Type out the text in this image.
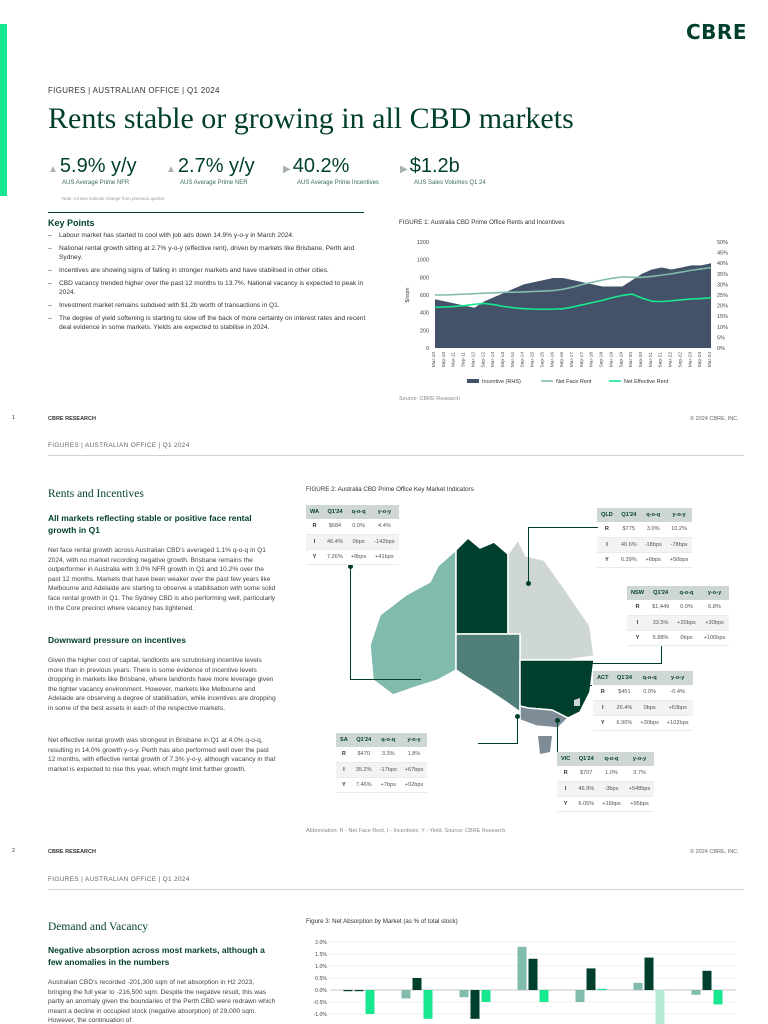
CBRE
FIGURES | AUSTRALIAN OFFICE | Q1 2024
Rents stable or growing in all CBD markets
▲ 5.9% y/y
AUS Average Prime NFR
▲ 2.7% y/y
AUS Average Prime NER
▶ 40.2%
AUS Average Prime Incentives
▶ $1.2b
AUS Sales Volumes Q1 24
Note: Arrows indicate change from previous quarter.
Key Points
– Labour market has started to cool with job ads down 14.9% y-o-y in March 2024.
– National rental growth sitting at 2.7% y-o-y (effective rent), driven by markets like Brisbane, Perth and Sydney.
– Incentives are showing signs of falling in stronger markets and have stabilised in other cities.
– CBD vacancy trended higher over the past 12 months to 13.7%. National vacancy is expected to peak in 2024.
– Investment market remains subdued with $1.2b worth of transactions in Q1.
– The degree of yield softening is starting to slow off the back of more certainty on interest rates and recent deal evidence in some markets. Yields are expected to stabilise in 2024.
FIGURE 1: Australia CBD Prime Office Rents and Incentives
1200
1000
800
600
400
200
0
50%
45%
40%
35%
30%
25%
20%
15%
10%
5%
0%
$/sqm
Mar-10 Sep-10 Mar-11 Sep-11 Mar-12 Sep-12 Mar-13 Sep-13 Mar-14 Sep-14 Mar-15 Sep-15 Mar-16 Sep-16 Mar-17 Sep-17 Mar-18 Sep-18 Mar-19 Sep-19 Mar-20 Sep-20 Mar-21 Sep-21 Mar-22 Sep-22 Mar-23 Sep-23 Mar-24
Incentive (RHS)	Net Face Rent	Net Effective Rent
Source: CBRE Research
1	CBRE RESEARCH	© 2024 CBRE, INC.
FIGURES | AUSTRALIAN OFFICE | Q1 2024
Rents and Incentives
All markets reflecting stable or positive face rental growth in Q1
Net face rental growth across Australian CBD's averaged 1.1% q-o-q in Q1 2024, with no market recording negative growth. Brisbane remains the outperformer in Australia with 3.0% NFR growth in Q1 and 10.2% over the past 12 months. Markets that have been weaker over the past few years like Melbourne and Adelaide are starting to observe a stabilisation with some solid face rental growth in Q1. The Sydney CBD is also performing well, particularly in the Core precinct where vacancy has tightened.
Downward pressure on incentives
Given the higher cost of capital, landlords are scrutinising incentive levels more than in previous years. There is some evidence of incentive levels dropping in markets like Brisbane, where landlords have more leverage given the tighter vacancy environment. However, markets like Melbourne and Adelaide are observing a degree of stabilisation, while incentives are dropping in some of the best assets in each of the respective markets.
Net effective rental growth was strongest in Brisbane in Q1 at 4.0% q-o-q, resulting in 14.0% growth y-o-y. Perth has also performed well over the past 12 months, with effective rental growth of 7.3% y-o-y, although vacancy in that market is expected to rise this year, which might limit further growth.
FIGURE 2: Australia CBD Prime Office Key Market Indicators
WA	Q1'24	q-o-q	y-o-y
R	$684	0.0%	4.4%
I	46.4%	0bps	-142bps
Y	7.26%	+8bps	+41bps
QLD	Q1'24	q-o-q	y-o-y
R	$775	3.0%	10.2%
I	40.6%	-18bps	-78bps
Y	6.39%	+6bps	+50bps
NSW	Q1'24	q-o-q	y-o-y
R	$1,449	0.9%	6.8%
I	33.5%	+20bps	+30bps
Y	5.88%	0bps	+100bps
ACT	Q1'24	q-o-q	y-o-y
R	$451	0.0%	-0.4%
I	26.4%	0bps	+63bps
Y	6.90%	+30bps	+102bps
SA	Q1'24	q-o-q	y-o-y
R	$470	3.3%	1.8%
I	35.2%	-17bps	+67bps
Y	7.46%	+7bps	+92bps
VIC	Q1'24	q-o-q	y-o-y
R	$707	1.0%	3.7%
I	46.9%	-3bps	+548bps
Y	6.05%	+16bps	+95bps
Abbreviation: R - Net Face Rent, I - Incentives, Y - Yield. Source: CBRE Research
2	CBRE RESEARCH	© 2024 CBRE, INC.
FIGURES | AUSTRALIAN OFFICE | Q1 2024
Demand and Vacancy
Negative absorption across most markets, although a few anomalies in the numbers
Australian CBD's recorded -201,300 sqm of net absorption in H2 2023, bringing the full year to -216,500 sqm. Despite the negative result, this was partly an anomaly given the boundaries of the Perth CBD were redrawn which meant a decline in occupied stock (negative absorption) of 29,000 sqm. However, the continuation of
Figure 3: Net Absorption by Market (as % of total stock)
2.0%
1.5%
1.0%
0.5%
0.0%
-0.5%
-1.0%
